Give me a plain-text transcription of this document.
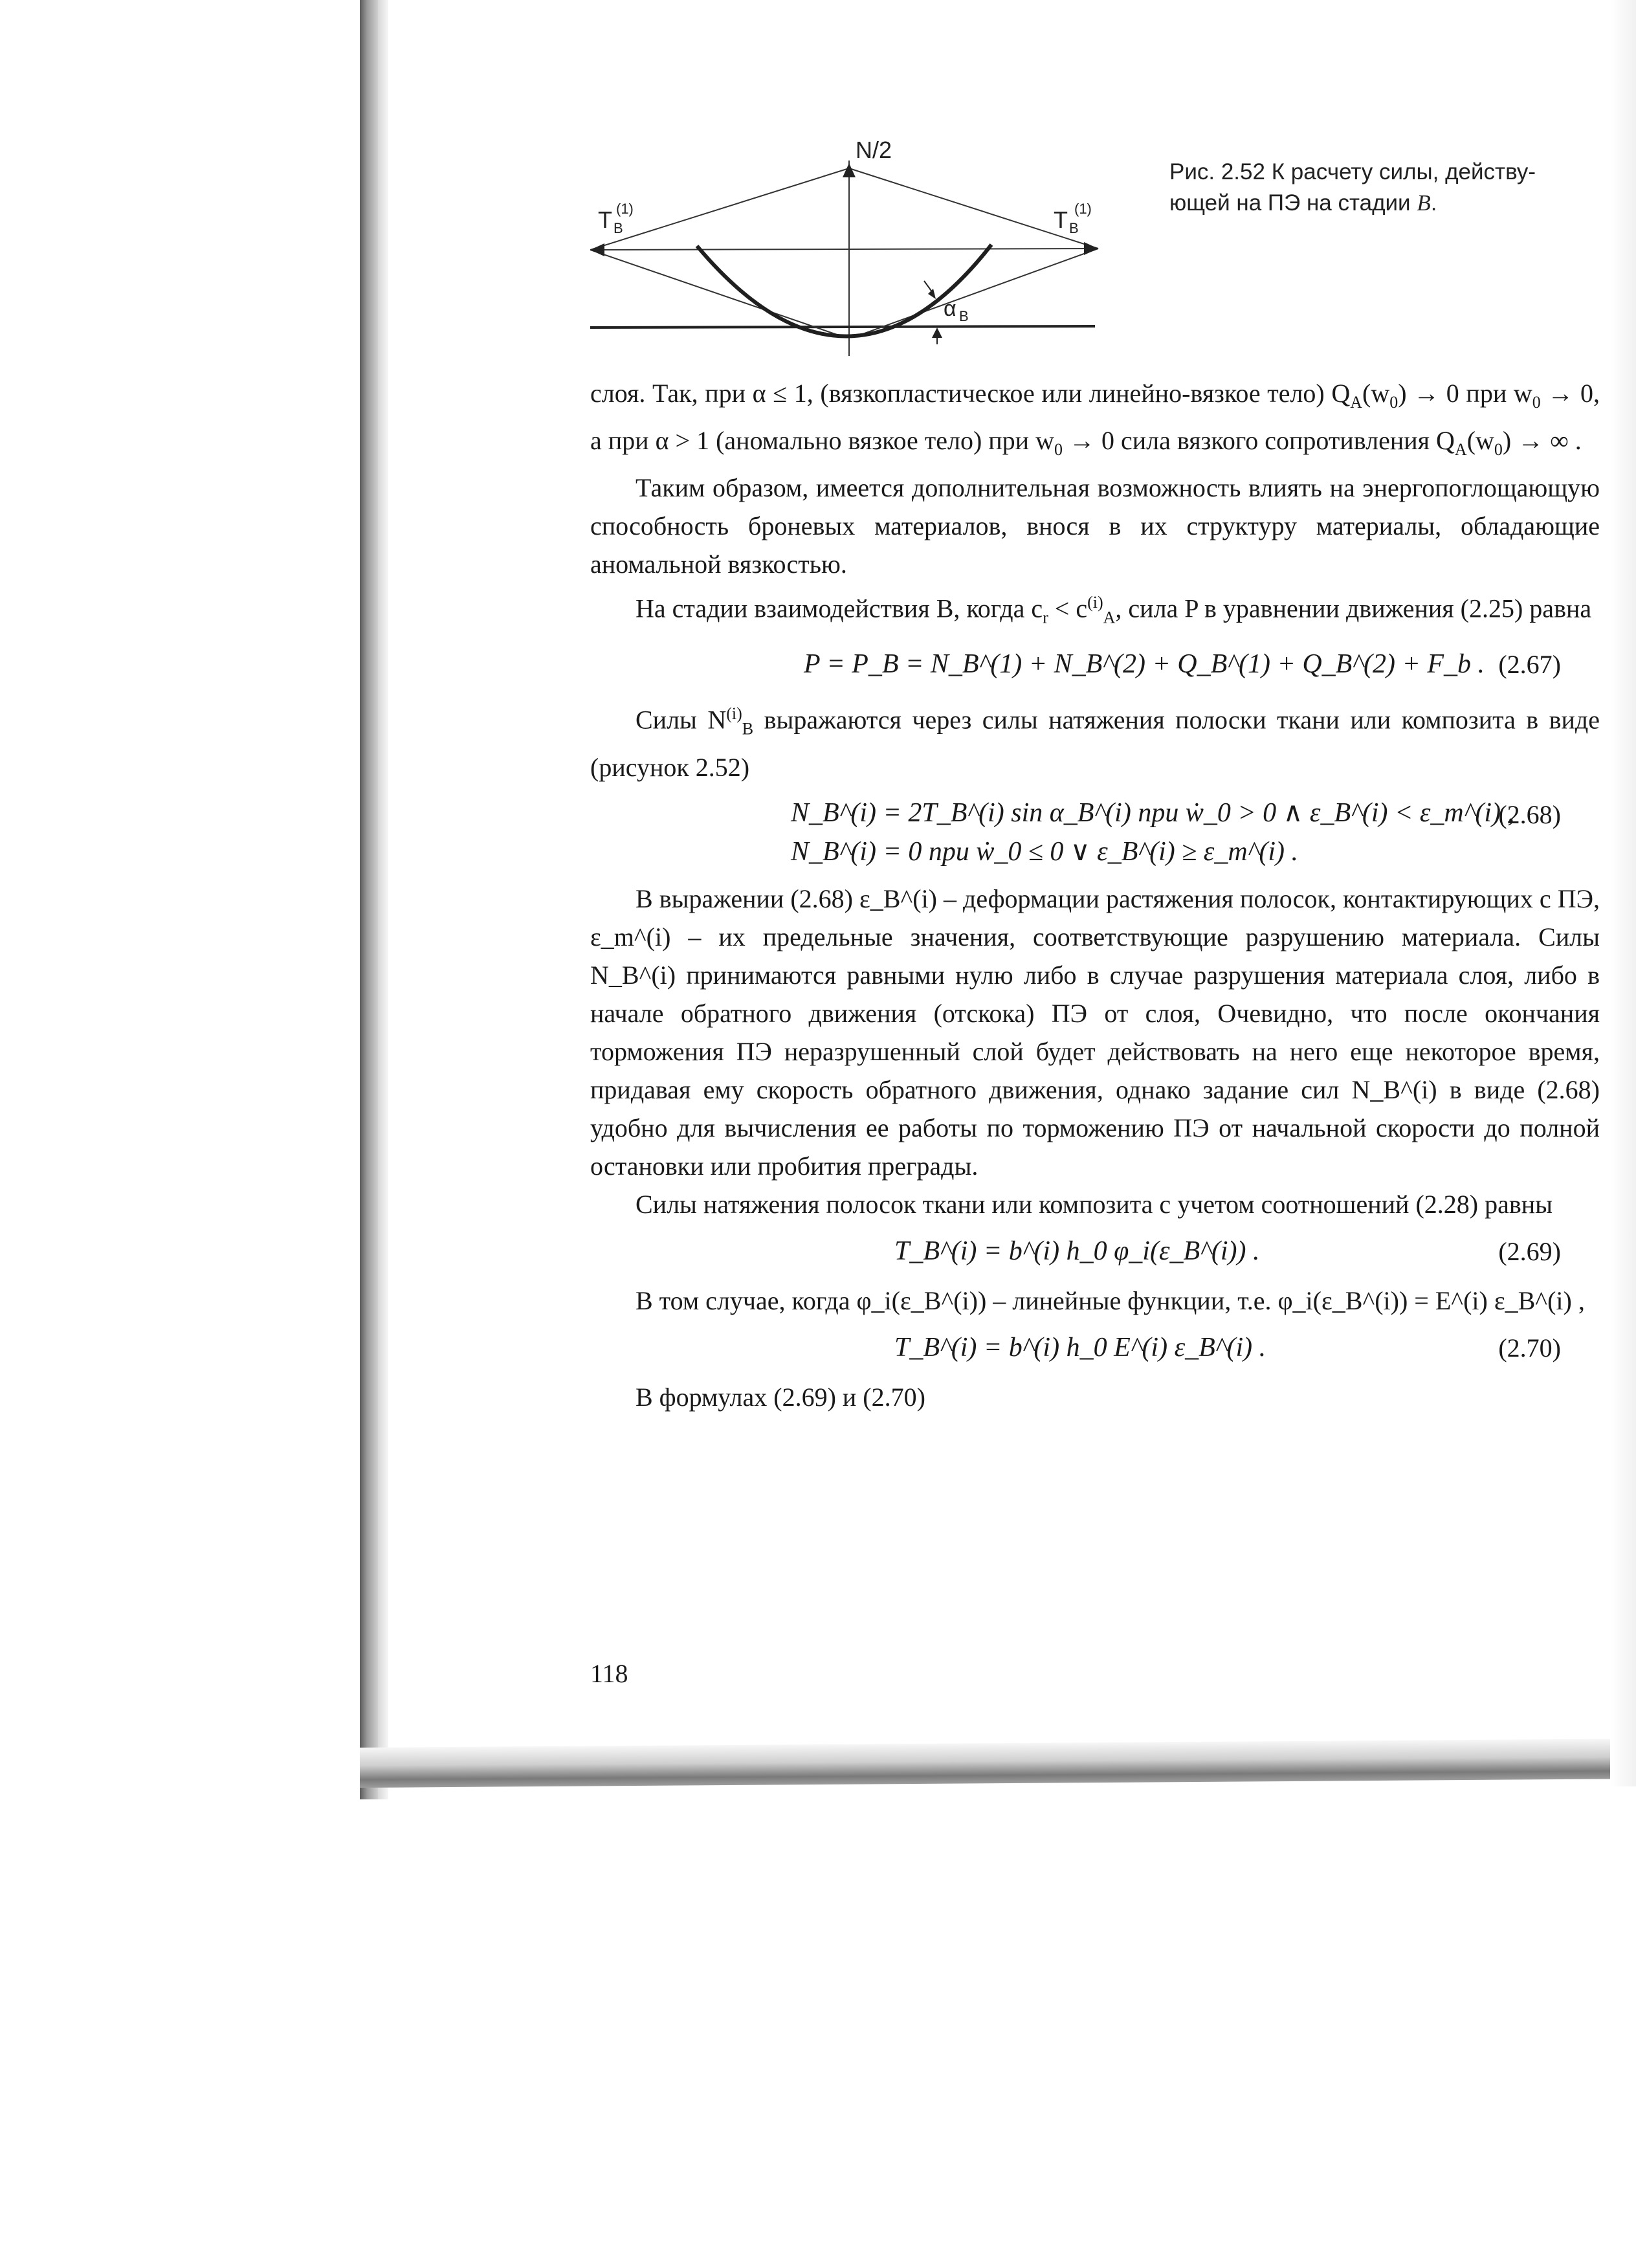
N/2
T B
(1)	T B
(1)
α B
Рис. 2.52 К расчету силы, действу-
ющей на ПЭ на стадии B.

слоя. Так, при α ≤ 1, (вязкопластическое или линейно-вязкое тело) $Q_A(w_0) \to 0$ при $w_0 \to 0$, а при α > 1 (аномально вязкое тело) при $w_0 \to 0$ сила вязкого сопротивления $Q_A(w_0)$ → ∞ .

Таким образом, имеется дополнительная возможность влиять на энергопоглощающую способность броневых материалов, внося в их структуру материалы, обладающие аномальной вязкостью.

На стадии взаимодействия B, когда $c_r < c^{(i)}_A$, сила P в уравнении движения (2.25) равна

P = P_B = N_B^(1) + N_B^(2) + Q_B^(1) + Q_B^(2) + F_b . (2.67)

Силы $N^{(i)}_B$ выражаются через силы натяжения полоски ткани или композита в виде (рисунок 2.52)

N_B^(i) = 2T_B^(i) sin α_B^(i) при ẇ_0 > 0 ∧ ε_B^(i) < ε_m^(i) ,
N_B^(i) = 0 при ẇ_0 ≤ 0 ∨ ε_B^(i) ≥ ε_m^(i) .
(2.68)

В выражении (2.68) ε_B^(i) – деформации растяжения полосок, контактирующих с ПЭ, ε_m^(i) – их предельные значения, соответствующие разрушению материала. Силы N_B^(i) принимаются равными нулю либо в случае разрушения материала слоя, либо в начале обратного движения (отскока) ПЭ от слоя, Очевидно, что после окончания торможения ПЭ неразрушенный слой будет действовать на него еще некоторое время, придавая ему скорость обратного движения, однако задание сил N_B^(i) в виде (2.68) удобно для вычисления ее работы по торможению ПЭ от начальной скорости до полной остановки или пробития преграды.

Силы натяжения полосок ткани или композита с учетом соотношений (2.28) равны

T_B^(i) = b^(i) h_0 φ_i(ε_B^(i)) .	(2.69)

В том случае, когда φ_i(ε_B^(i)) – линейные функции, т.е. φ_i(ε_B^(i)) = E^(i) ε_B^(i) ,

T_B^(i) = b^(i) h_0 E^(i) ε_B^(i) .	(2.70)

В формулах (2.69) и (2.70)

118
